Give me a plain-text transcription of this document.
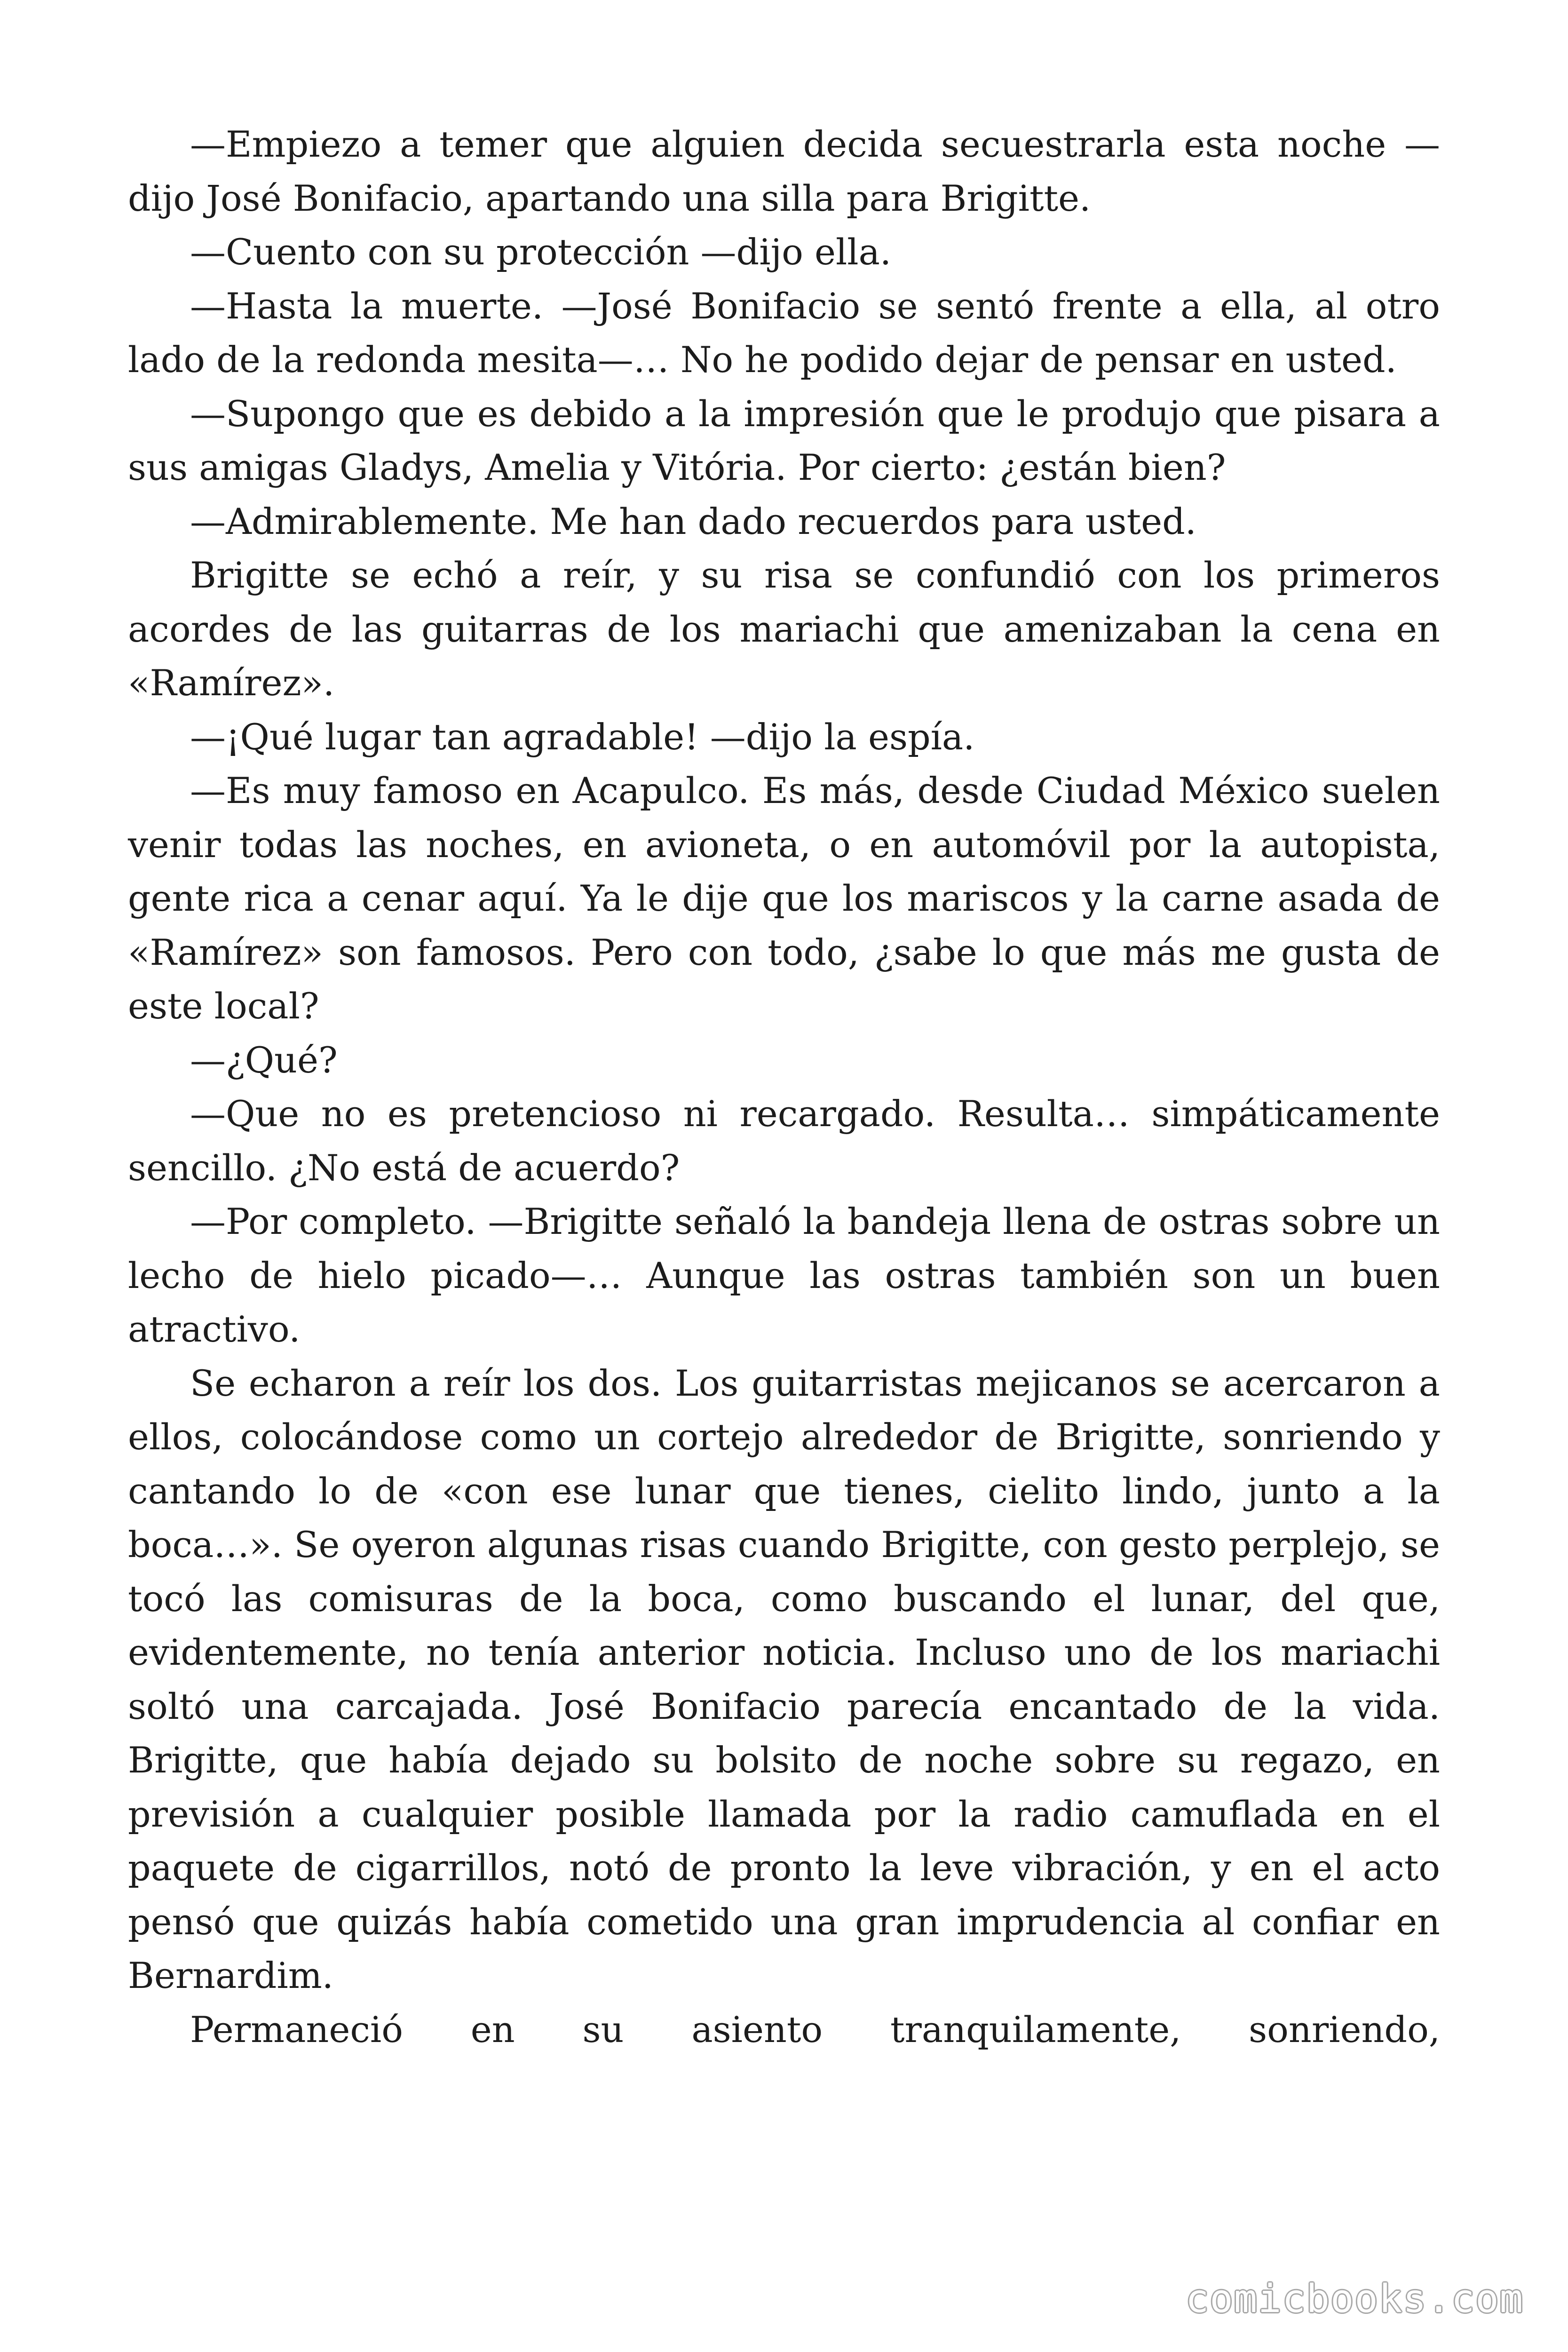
—Empiezo a temer que alguien decida secuestrarla esta noche —dijo José Bonifacio, apartando una silla para Brigitte.

—Cuento con su protección —dijo ella.

—Hasta la muerte. —José Bonifacio se sentó frente a ella, al otro lado de la redonda mesita—… No he podido dejar de pensar en usted.

—Supongo que es debido a la impresión que le produjo que pisara a sus amigas Gladys, Amelia y Vitória. Por cierto: ¿están bien?

—Admirablemente. Me han dado recuerdos para usted.

Brigitte se echó a reír, y su risa se confundió con los primeros acordes de las guitarras de los mariachi que amenizaban la cena en «Ramírez».

—¡Qué lugar tan agradable! —dijo la espía.

—Es muy famoso en Acapulco. Es más, desde Ciudad México suelen venir todas las noches, en avioneta, o en automóvil por la autopista, gente rica a cenar aquí. Ya le dije que los mariscos y la carne asada de «Ramírez» son famosos. Pero con todo, ¿sabe lo que más me gusta de este local?

—¿Qué?

—Que no es pretencioso ni recargado. Resulta… simpáticamente sencillo. ¿No está de acuerdo?

—Por completo. —Brigitte señaló la bandeja llena de ostras sobre un lecho de hielo picado—… Aunque las ostras también son un buen atractivo.

Se echaron a reír los dos. Los guitarristas mejicanos se acercaron a ellos, colocándose como un cortejo alrededor de Brigitte, sonriendo y cantando lo de «con ese lunar que tienes, cielito lindo, junto a la boca…». Se oyeron algunas risas cuando Brigitte, con gesto perplejo, se tocó las comisuras de la boca, como buscando el lunar, del que, evidentemente, no tenía anterior noticia. Incluso uno de los mariachi soltó una carcajada. José Bonifacio parecía encantado de la vida. Brigitte, que había dejado su bolsito de noche sobre su regazo, en previsión a cualquier posible llamada por la radio camuflada en el paquete de cigarrillos, notó de pronto la leve vibración, y en el acto pensó que quizás había cometido una gran imprudencia al confiar en Bernardim.

Permaneció en su asiento tranquilamente, sonriendo,

comicbooks.com
